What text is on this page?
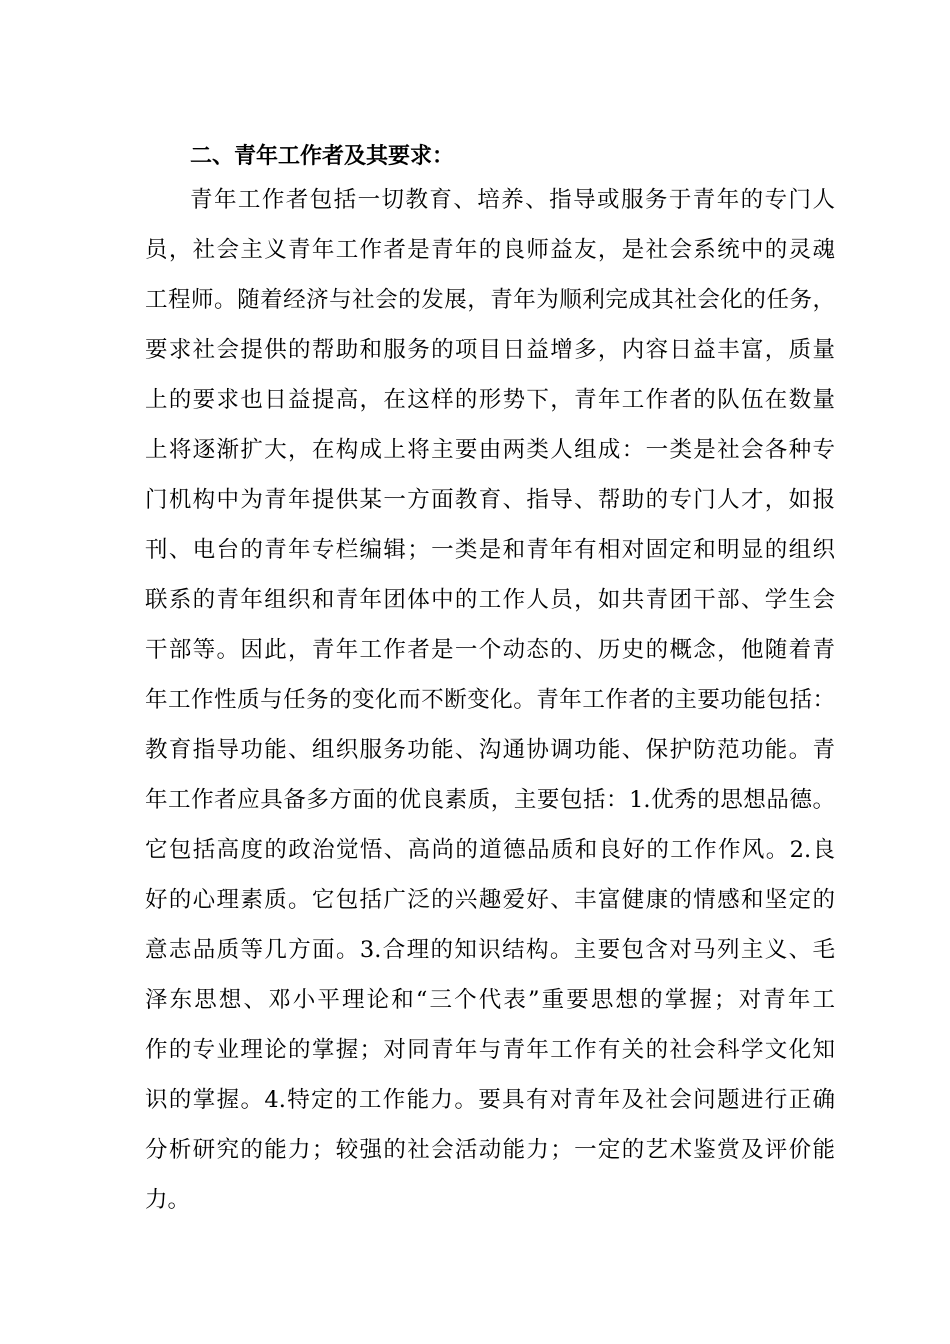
二、青年工作者及其要求：
青年工作者包括一切教育、培养、指导或服务于青年的专门人
员，社会主义青年工作者是青年的良师益友，是社会系统中的灵魂
工程师。随着经济与社会的发展，青年为顺利完成其社会化的任务，
要求社会提供的帮助和服务的项目日益增多，内容日益丰富，质量
上的要求也日益提高，在这样的形势下，青年工作者的队伍在数量
上将逐渐扩大，在构成上将主要由两类人组成：一类是社会各种专
门机构中为青年提供某一方面教育、指导、帮助的专门人才，如报
刊、电台的青年专栏编辑；一类是和青年有相对固定和明显的组织
联系的青年组织和青年团体中的工作人员，如共青团干部、学生会
干部等。因此，青年工作者是一个动态的、历史的概念，他随着青
年工作性质与任务的变化而不断变化。青年工作者的主要功能包括：
教育指导功能、组织服务功能、沟通协调功能、保护防范功能。青
年工作者应具备多方面的优良素质，主要包括：1.优秀的思想品德。
它包括高度的政治觉悟、高尚的道德品质和良好的工作作风。2.良
好的心理素质。它包括广泛的兴趣爱好、丰富健康的情感和坚定的
意志品质等几方面。3.合理的知识结构。主要包含对马列主义、毛
泽东思想、邓小平理论和“三个代表”重要思想的掌握；对青年工
作的专业理论的掌握；对同青年与青年工作有关的社会科学文化知
识的掌握。4.特定的工作能力。要具有对青年及社会问题进行正确
分析研究的能力；较强的社会活动能力；一定的艺术鉴赏及评价能
力。
